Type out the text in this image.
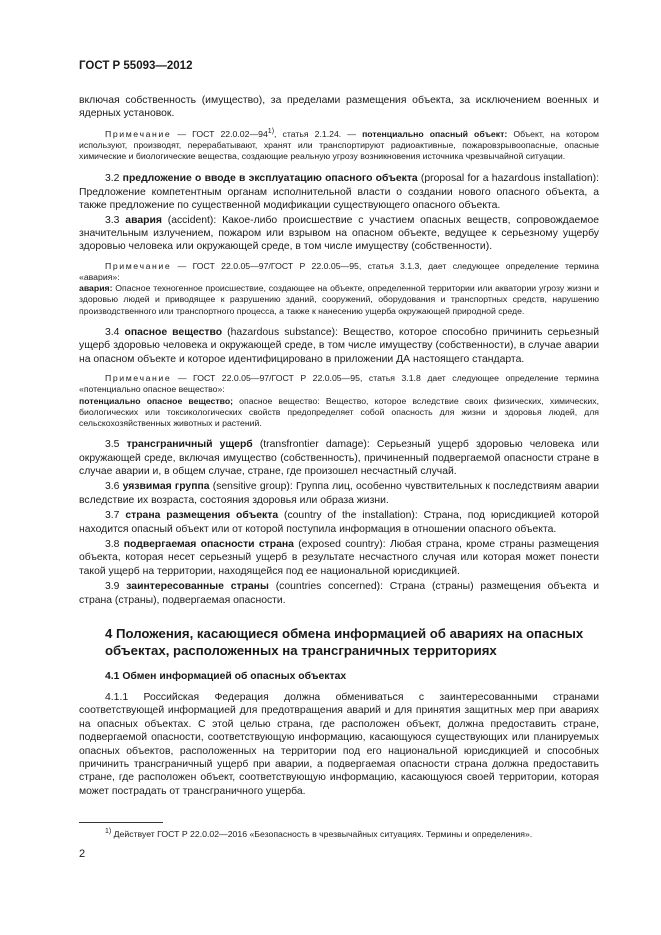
ГОСТ Р 55093—2012

включая собственность (имущество), за пределами размещения объекта, за исключением военных и ядерных установок.

Примечание — ГОСТ 22.0.02—94$^{1)}$, статья 2.1.24. — потенциально опасный объект: Объект, на котором используют, производят, перерабатывают, хранят или транспортируют радиоактивные, пожаровзрывоопасные, опасные химические и биологические вещества, создающие реальную угрозу возникновения источника чрезвычайной ситуации.

3.2 предложение о вводе в эксплуатацию опасного объекта (proposal for a hazardous installation): Предложение компетентным органам исполнительной власти о создании нового опасного объекта, а также предложение по существенной модификации существующего опасного объекта.

3.3 авария (accident): Какое-либо происшествие с участием опасных веществ, сопровождаемое значительным излучением, пожаром или взрывом на опасном объекте, ведущее к серьезному ущербу здоровью человека или окружающей среде, в том числе имуществу (собственности).

Примечание — ГОСТ 22.0.05—97/ГОСТ Р 22.0.05—95, статья 3.1.3, дает следующее определение термина «авария»:

авария: Опасное техногенное происшествие, создающее на объекте, определенной территории или акватории угрозу жизни и здоровью людей и приводящее к разрушению зданий, сооружений, оборудования и транспортных средств, нарушению производственного или транспортного процесса, а также к нанесению ущерба окружающей природной среде.

3.4 опасное вещество (hazardous substance): Вещество, которое способно причинить серьезный ущерб здоровью человека и окружающей среде, в том числе имуществу (собственности), в случае аварии на опасном объекте и которое идентифицировано в приложении ДА настоящего стандарта.

Примечание — ГОСТ 22.0.05—97/ГОСТ Р 22.0.05—95, статья 3.1.8 дает следующее определение термина «потенциально опасное вещество»:

потенциально опасное вещество; опасное вещество: Вещество, которое вследствие своих физических, химических, биологических или токсикологических свойств предопределяет собой опасность для жизни и здоровья людей, для сельскохозяйственных животных и растений.

3.5 трансграничный ущерб (transfrontier damage): Серьезный ущерб здоровью человека или окружающей среде, включая имущество (собственность), причиненный подвергаемой опасности стране в случае аварии и, в общем случае, стране, где произошел несчастный случай.

3.6 уязвимая группа (sensitive group): Группа лиц, особенно чувствительных к последствиям аварии вследствие их возраста, состояния здоровья или образа жизни.

3.7 страна размещения объекта (country of the installation): Страна, под юрисдикцией которой находится опасный объект или от которой поступила информация в отношении опасного объекта.

3.8 подвергаемая опасности страна (exposed country): Любая страна, кроме страны размещения объекта, которая несет серьезный ущерб в результате несчастного случая или которая может понести такой ущерб на территории, находящейся под ее национальной юрисдикцией.

3.9 заинтересованные страны (countries concerned): Страна (страны) размещения объекта и страна (страны), подвергаемая опасности.

4 Положения, касающиеся обмена информацией об авариях на опасных
объектах, расположенных на трансграничных территориях

4.1 Обмен информацией об опасных объектах

4.1.1 Российская Федерация должна обмениваться с заинтересованными странами соответствующей информацией для предотвращения аварий и для принятия защитных мер при авариях на опасных объектах. С этой целью страна, где расположен объект, должна предоставить стране, подвергаемой опасности, соответствующую информацию, касающуюся существующих или планируемых опасных объектов, расположенных на территории под его национальной юрисдикцией и способных причинить трансграничный ущерб при аварии, а подвергаемая опасности страна должна предоставить стране, где расположен объект, соответствующую информацию, касающуюся своей территории, которая может пострадать от трансграничного ущерба.

$^{1)}$ Действует ГОСТ Р 22.0.02—2016 «Безопасность в чрезвычайных ситуациях. Термины и определения».
2
